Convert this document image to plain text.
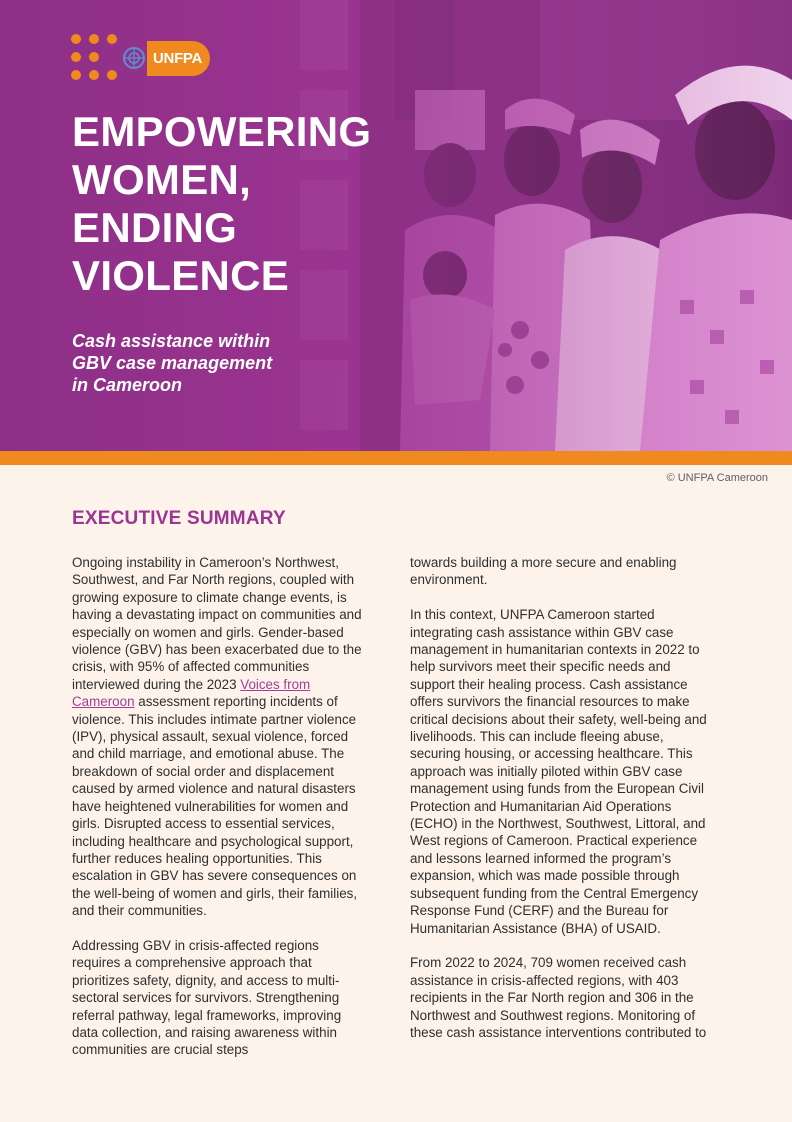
UNFPA
EMPOWERING
WOMEN,
ENDING
VIOLENCE
Cash assistance within
GBV case management
in Cameroon
© UNFPA Cameroon
EXECUTIVE SUMMARY

Ongoing instability in Cameroon’s Northwest, Southwest, and Far North regions, coupled with growing exposure to climate change events, is having a devastating impact on communities and especially on women and girls. Gender-based violence (GBV) has been exacerbated due to the crisis, with 95% of affected communities interviewed during the 2023 Voices from Cameroon assessment reporting incidents of violence. This includes intimate partner violence (IPV), physical assault, sexual violence, forced and child marriage, and emotional abuse. The breakdown of social order and displacement caused by armed violence and natural disasters have heightened vulnerabilities for women and girls. Disrupted access to essential services, including healthcare and psychological support, further reduces healing opportunities. This escalation in GBV has severe consequences on the well-being of women and girls, their families, and their communities.

Addressing GBV in crisis-affected regions requires a comprehensive approach that prioritizes safety, dignity, and access to multi-sectoral services for survivors. Strengthening referral pathway, legal frameworks, improving data collection, and raising awareness within communities are crucial steps

towards building a more secure and enabling environment.

In this context, UNFPA Cameroon started integrating cash assistance within GBV case management in humanitarian contexts in 2022 to help survivors meet their specific needs and support their healing process. Cash assistance offers survivors the financial resources to make critical decisions about their safety, well-being and livelihoods. This can include fleeing abuse, securing housing, or accessing healthcare. This approach was initially piloted within GBV case management using funds from the European Civil Protection and Humanitarian Aid Operations (ECHO) in the Northwest, Southwest, Littoral, and West regions of Cameroon. Practical experience and lessons learned informed the program’s expansion, which was made possible through subsequent funding from the Central Emergency Response Fund (CERF) and the Bureau for Humanitarian Assistance (BHA) of USAID.

From 2022 to 2024, 709 women received cash assistance in crisis-affected regions, with 403 recipients in the Far North region and 306 in the Northwest and Southwest regions. Monitoring of these cash assistance interventions contributed to
